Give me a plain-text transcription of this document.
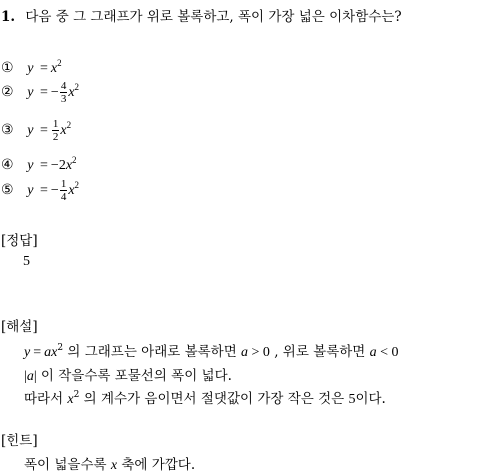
1. 다음 중 그 그래프가 위로 볼록하고, 폭이 가장 넓은 이차함수는?
① $y = x^2$
② y = − $\frac{4}{3} x^2$
③ $y = \frac{1}{2} x^2$
④ $y = -2x^2$
⑤ y = − $\frac{1}{4} x^2$
[정답]
5
[해설]
$y = ax^2$ 의 그래프는 아래로 볼록하면 a > 0 , 위로 볼록하면 a < 0
|a| 이 작을수록 포물선의 폭이 넓다.
따라서 $x^2$ 의 계수가 음이면서 절댓값이 가장 작은 것은 5이다.
[힌트]
폭이 넓을수록 x 축에 가깝다.
